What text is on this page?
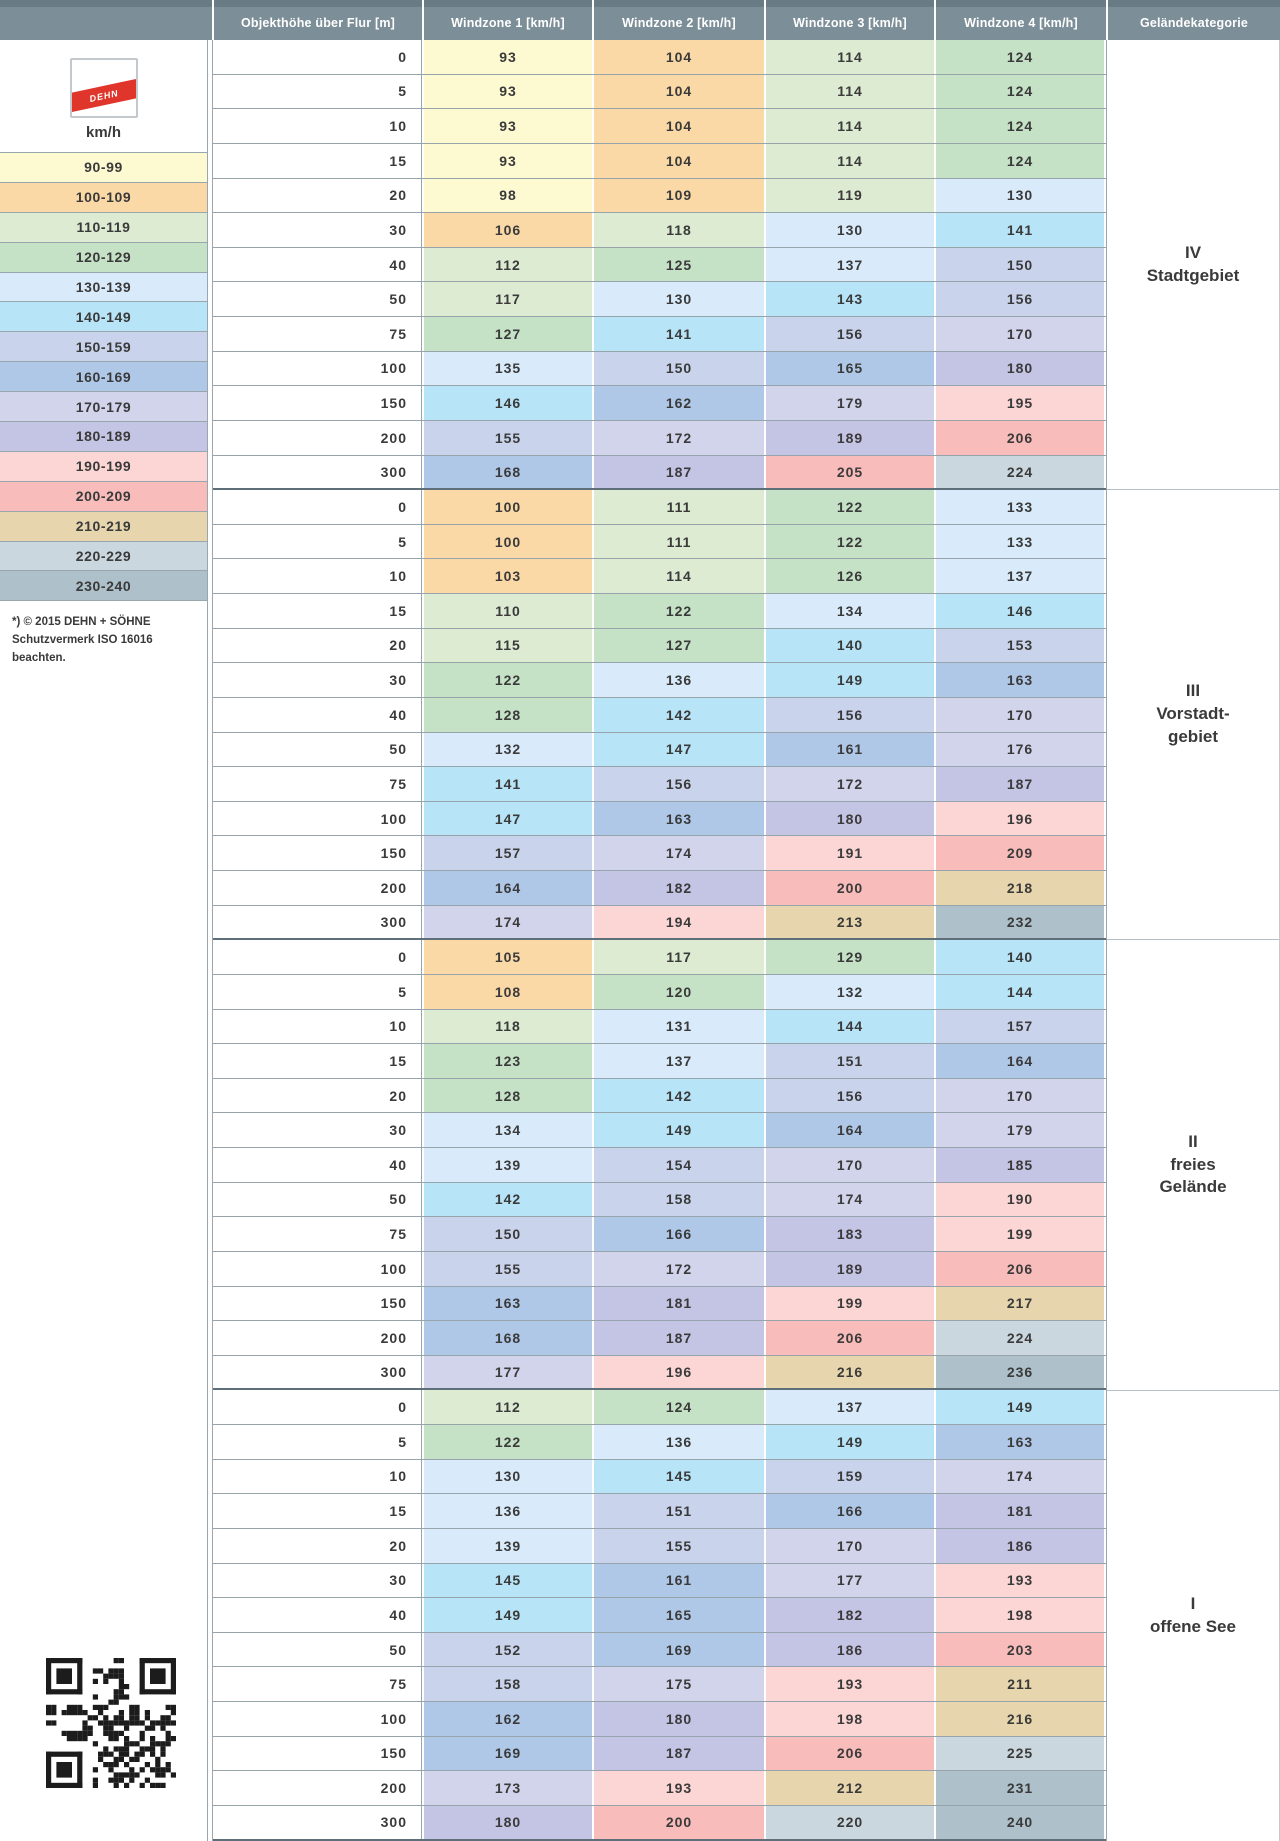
Objekthöhe über Flur [m]	Windzone 1 [km/h]	Windzone 2 [km/h]	Windzone 3 [km/h]	Windzone 4 [km/h]	Geländekategorie
DEHN
km/h
90-99
100-109
110-119
120-129
130-139
140-149
150-159
160-169
170-179
180-189
190-199
200-209
210-219
220-229
230-240
*) © 2015 DEHN + SÖHNE
Schutzvermerk ISO 16016
beachten.
0	93	104	114	124
5	93	104	114	124
10	93	104	114	124
15	93	104	114	124
20	98	109	119	130
30	106	118	130	141
40	112	125	137	150
50	117	130	143	156
75	127	141	156	170
100	135	150	165	180
150	146	162	179	195
200	155	172	189	206
300	168	187	205	224
0	100	111	122	133
5	100	111	122	133
10	103	114	126	137
15	110	122	134	146
20	115	127	140	153
30	122	136	149	163
40	128	142	156	170
50	132	147	161	176
75	141	156	172	187
100	147	163	180	196
150	157	174	191	209
200	164	182	200	218
300	174	194	213	232
0	105	117	129	140
5	108	120	132	144
10	118	131	144	157
15	123	137	151	164
20	128	142	156	170
30	134	149	164	179
40	139	154	170	185
50	142	158	174	190
75	150	166	183	199
100	155	172	189	206
150	163	181	199	217
200	168	187	206	224
300	177	196	216	236
0	112	124	137	149
5	122	136	149	163
10	130	145	159	174
15	136	151	166	181
20	139	155	170	186
30	145	161	177	193
40	149	165	182	198
50	152	169	186	203
75	158	175	193	211
100	162	180	198	216
150	169	187	206	225
200	173	193	212	231
300	180	200	220	240
IV
Stadtgebiet
III
Vorstadt-
gebiet
II
freies
Gelände
I
offene See
